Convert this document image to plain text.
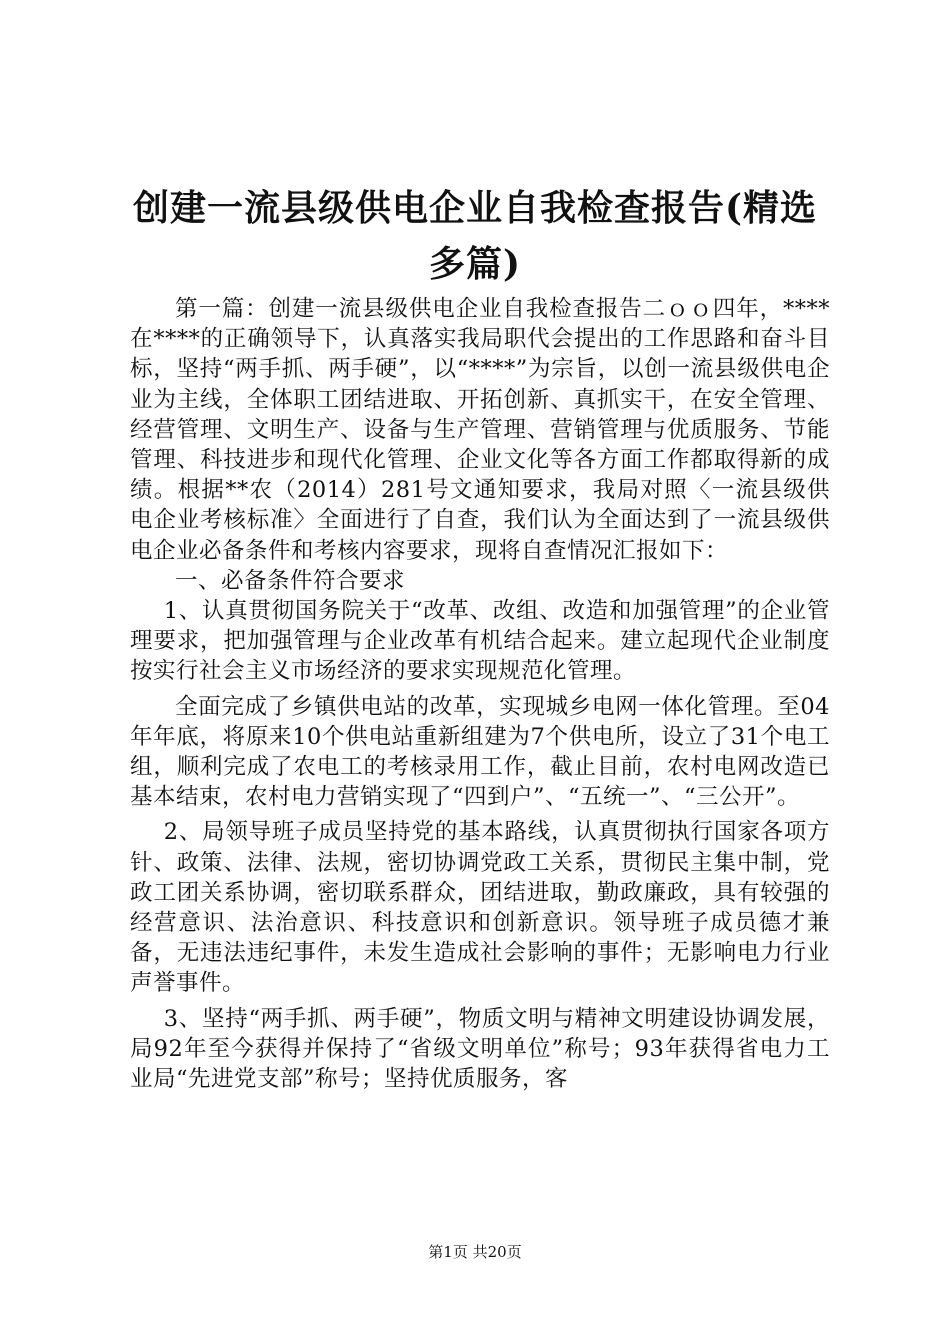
创建一流县级供电企业自我检查报告(精选多篇)

第一篇：创建一流县级供电企业自我检查报告二ｏｏ四年，****在****的正确领导下，认真落实我局职代会提出的工作思路和奋斗目标，坚持“两手抓、两手硬”，以“****”为宗旨，以创一流县级供电企业为主线，全体职工团结进取、开拓创新、真抓实干，在安全管理、经营管理、文明生产、设备与生产管理、营销管理与优质服务、节能管理、科技进步和现代化管理、企业文化等各方面工作都取得新的成绩。根据**农（2014）281号文通知要求，我局对照〈一流县级供电企业考核标准〉全面进行了自查，我们认为全面达到了一流县级供电企业必备条件和考核内容要求，现将自查情况汇报如下：

一、必备条件符合要求

1、认真贯彻国务院关于“改革、改组、改造和加强管理”的企业管理要求，把加强管理与企业改革有机结合起来。建立起现代企业制度按实行社会主义市场经济的要求实现规范化管理。

全面完成了乡镇供电站的改革，实现城乡电网一体化管理。至04年年底，将原来10个供电站重新组建为7个供电所，设立了31个电工组，顺利完成了农电工的考核录用工作，截止目前，农村电网改造已基本结束，农村电力营销实现了“四到户”、“五统一”、“三公开”。

2、局领导班子成员坚持党的基本路线，认真贯彻执行国家各项方针、政策、法律、法规，密切协调党政工关系，贯彻民主集中制，党政工团关系协调，密切联系群众，团结进取，勤政廉政，具有较强的经营意识、法治意识、科技意识和创新意识。领导班子成员德才兼备，无违法违纪事件，未发生造成社会影响的事件；无影响电力行业声誉事件。

3、坚持“两手抓、两手硬”，物质文明与精神文明建设协调发展，局92年至今获得并保持了“省级文明单位”称号；93年获得省电力工业局“先进党支部”称号；坚持优质服务，客

第1页 共20页
